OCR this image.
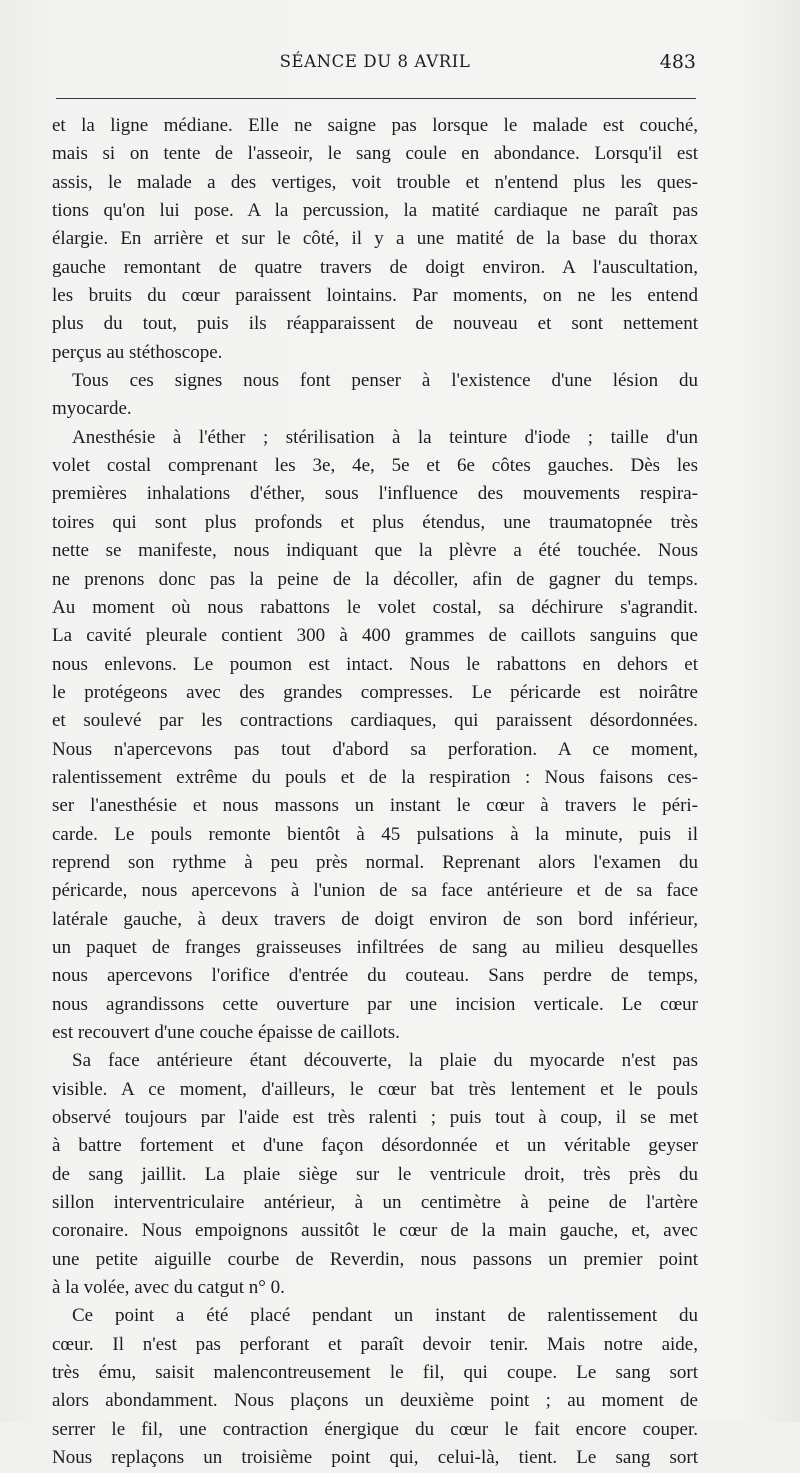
SÉANCE DU 8 AVRIL	483

et la ligne médiane. Elle ne saigne pas lorsque le malade est couché,
mais si on tente de l'asseoir, le sang coule en abondance. Lorsqu'il est
assis, le malade a des vertiges, voit trouble et n'entend plus les ques-
tions qu'on lui pose. A la percussion, la matité cardiaque ne paraît pas
élargie. En arrière et sur le côté, il y a une matité de la base du thorax
gauche remontant de quatre travers de doigt environ. A l'auscultation,
les bruits du cœur paraissent lointains. Par moments, on ne les entend
plus du tout, puis ils réapparaissent de nouveau et sont nettement
perçus au stéthoscope.

Tous ces signes nous font penser à l'existence d'une lésion du
myocarde.

Anesthésie à l'éther ; stérilisation à la teinture d'iode ; taille d'un
volet costal comprenant les 3e, 4e, 5e et 6e côtes gauches. Dès les
premières inhalations d'éther, sous l'influence des mouvements respira-
toires qui sont plus profonds et plus étendus, une traumatopnée très
nette se manifeste, nous indiquant que la plèvre a été touchée. Nous
ne prenons donc pas la peine de la décoller, afin de gagner du temps.
Au moment où nous rabattons le volet costal, sa déchirure s'agrandit.
La cavité pleurale contient 300 à 400 grammes de caillots sanguins que
nous enlevons. Le poumon est intact. Nous le rabattons en dehors et
le protégeons avec des grandes compresses. Le péricarde est noirâtre
et soulevé par les contractions cardiaques, qui paraissent désordonnées.
Nous n'apercevons pas tout d'abord sa perforation. A ce moment,
ralentissement extrême du pouls et de la respiration : Nous faisons ces-
ser l'anesthésie et nous massons un instant le cœur à travers le péri-
carde. Le pouls remonte bientôt à 45 pulsations à la minute, puis il
reprend son rythme à peu près normal. Reprenant alors l'examen du
péricarde, nous apercevons à l'union de sa face antérieure et de sa face
latérale gauche, à deux travers de doigt environ de son bord inférieur,
un paquet de franges graisseuses infiltrées de sang au milieu desquelles
nous apercevons l'orifice d'entrée du couteau. Sans perdre de temps,
nous agrandissons cette ouverture par une incision verticale. Le cœur
est recouvert d'une couche épaisse de caillots.

Sa face antérieure étant découverte, la plaie du myocarde n'est pas
visible. A ce moment, d'ailleurs, le cœur bat très lentement et le pouls
observé toujours par l'aide est très ralenti ; puis tout à coup, il se met
à battre fortement et d'une façon désordonnée et un véritable geyser
de sang jaillit. La plaie siège sur le ventricule droit, très près du
sillon interventriculaire antérieur, à un centimètre à peine de l'artère
coronaire. Nous empoignons aussitôt le cœur de la main gauche, et, avec
une petite aiguille courbe de Reverdin, nous passons un premier point
à la volée, avec du catgut n° 0.

Ce point a été placé pendant un instant de ralentissement du
cœur. Il n'est pas perforant et paraît devoir tenir. Mais notre aide,
très ému, saisit malencontreusement le fil, qui coupe. Le sang sort
alors abondamment. Nous plaçons un deuxième point ; au moment de
serrer le fil, une contraction énergique du cœur le fait encore couper.
Nous replaçons un troisième point qui, celui-là, tient. Le sang sort
